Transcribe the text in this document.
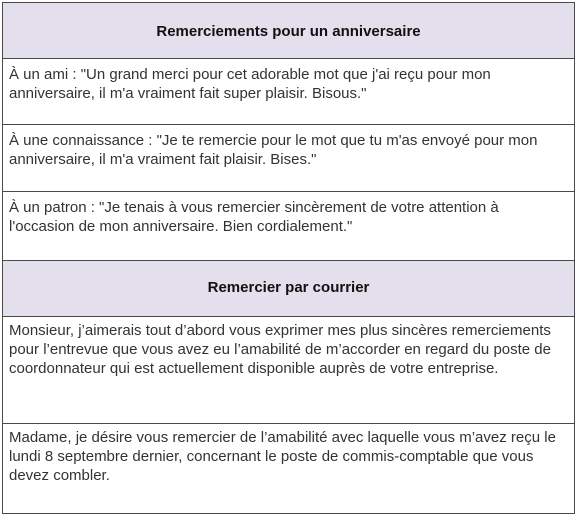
Remerciements pour un anniversaire
À un ami : "Un grand merci pour cet adorable mot que j'ai reçu pour mon anniversaire, il m'a vraiment fait super plaisir. Bisous."
À une connaissance : "Je te remercie pour le mot que tu m'as envoyé pour mon anniversaire, il m'a vraiment fait plaisir. Bises."
À un patron : "Je tenais à vous remercier sincèrement de votre attention à l'occasion de mon anniversaire. Bien cordialement."
Remercier par courrier
Monsieur, j’aimerais tout d’abord vous exprimer mes plus sincères remerciements pour l’entrevue que vous avez eu l’amabilité de m’accorder en regard du poste de coordonnateur qui est actuellement disponible auprès de votre entreprise.
Madame, je désire vous remercier de l’amabilité avec laquelle vous m’avez reçu le lundi 8 septembre dernier, concernant le poste de commis-comptable que vous devez combler.
